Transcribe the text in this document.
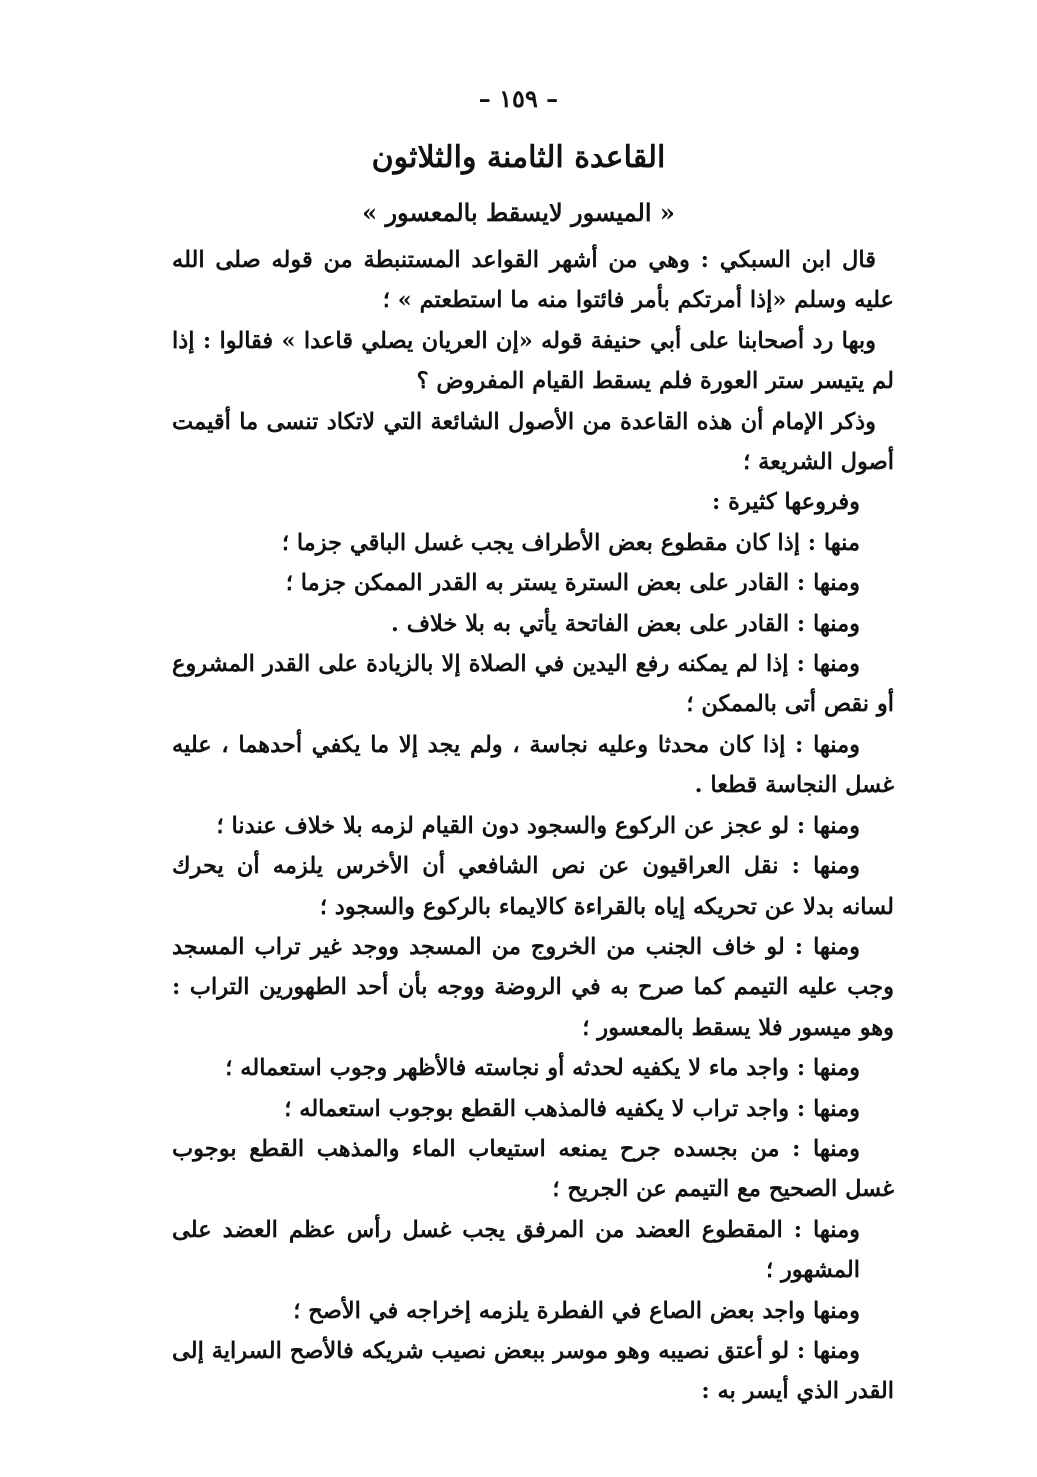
– ١٥٩ –
القاعدة الثامنة والثلاثون
« الميسور لايسقط بالمعسور »

قال ابن السبكي : وهي من أشهر القواعد المستنبطة من قوله صلى الله عليه وسلم «إذا أمرتكم بأمر فائتوا منه ما استطعتم » ؛

وبها رد أصحابنا على أبي حنيفة قوله «إن العريان يصلي قاعدا » فقالوا : إذا لم يتيسر ستر العورة فلم يسقط القيام المفروض ؟

وذكر الإمام أن هذه القاعدة من الأصول الشائعة التي لاتكاد تنسى ما أقيمت أصول الشريعة ؛

وفروعها كثيرة :

منها : إذا كان مقطوع بعض الأطراف يجب غسل الباقي جزما ؛

ومنها : القادر على بعض السترة يستر به القدر الممكن جزما ؛

ومنها : القادر على بعض الفاتحة يأتي به بلا خلاف .

ومنها : إذا لم يمكنه رفع اليدين في الصلاة إلا بالزيادة على القدر المشروع أو نقص أتى بالممكن ؛

ومنها : إذا كان محدثا وعليه نجاسة ، ولم يجد إلا ما يكفي أحدهما ، عليه غسل النجاسة قطعا .

ومنها : لو عجز عن الركوع والسجود دون القيام لزمه بلا خلاف عندنا ؛

ومنها : نقل العراقيون عن نص الشافعي أن الأخرس يلزمه أن يحرك لسانه بدلا عن تحريكه إياه بالقراءة كالايماء بالركوع والسجود ؛

ومنها : لو خاف الجنب من الخروج من المسجد ووجد غير تراب المسجد وجب عليه التيمم كما صرح به في الروضة ووجه بأن أحد الطهورين التراب : وهو ميسور فلا يسقط بالمعسور ؛

ومنها : واجد ماء لا يكفيه لحدثه أو نجاسته فالأظهر وجوب استعماله ؛

ومنها : واجد تراب لا يكفيه فالمذهب القطع بوجوب استعماله ؛

ومنها : من بجسده جرح يمنعه استيعاب الماء والمذهب القطع بوجوب غسل الصحيح مع التيمم عن الجريح ؛

ومنها : المقطوع العضد من المرفق يجب غسل رأس عظم العضد على المشهور ؛

ومنها واجد بعض الصاع في الفطرة يلزمه إخراجه في الأصح ؛

ومنها : لو أعتق نصيبه وهو موسر ببعض نصيب شريكه فالأصح السراية إلى القدر الذي أيسر به :
